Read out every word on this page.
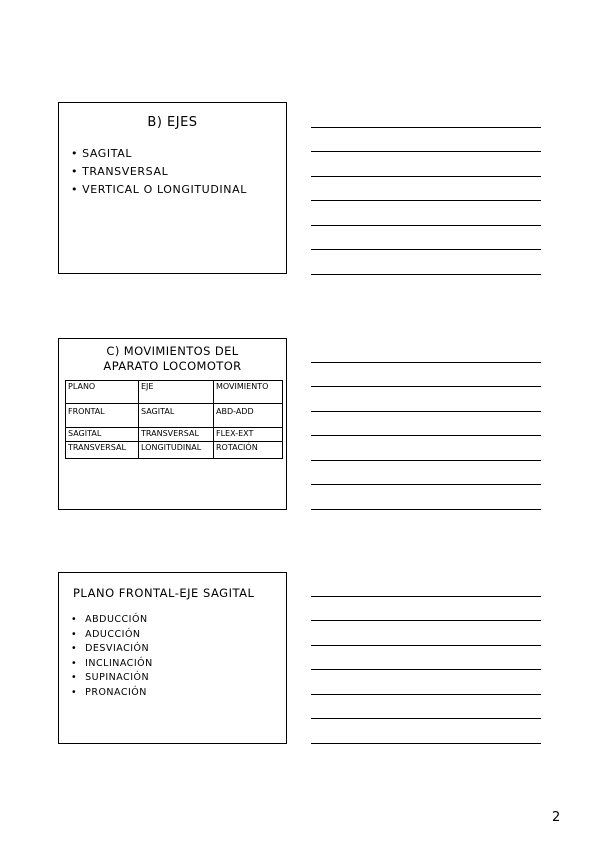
B) EJES
• SAGITAL
• TRANSVERSAL
• VERTICAL O LONGITUDINAL
C) MOVIMIENTOS DEL
APARATO LOCOMOTOR
PLANO	EJE	MOVIMIENTO
FRONTAL	SAGITAL	ABD-ADD
SAGITAL	TRANSVERSAL	FLEX-EXT
TRANSVERSAL	LONGITUDINAL	ROTACIÓN
PLANO FRONTAL-EJE SAGITAL
• ABDUCCIÓN
• ADUCCIÓN
• DESVIACIÓN
• INCLINACIÓN
• SUPINACIÓN
• PRONACIÓN
2
